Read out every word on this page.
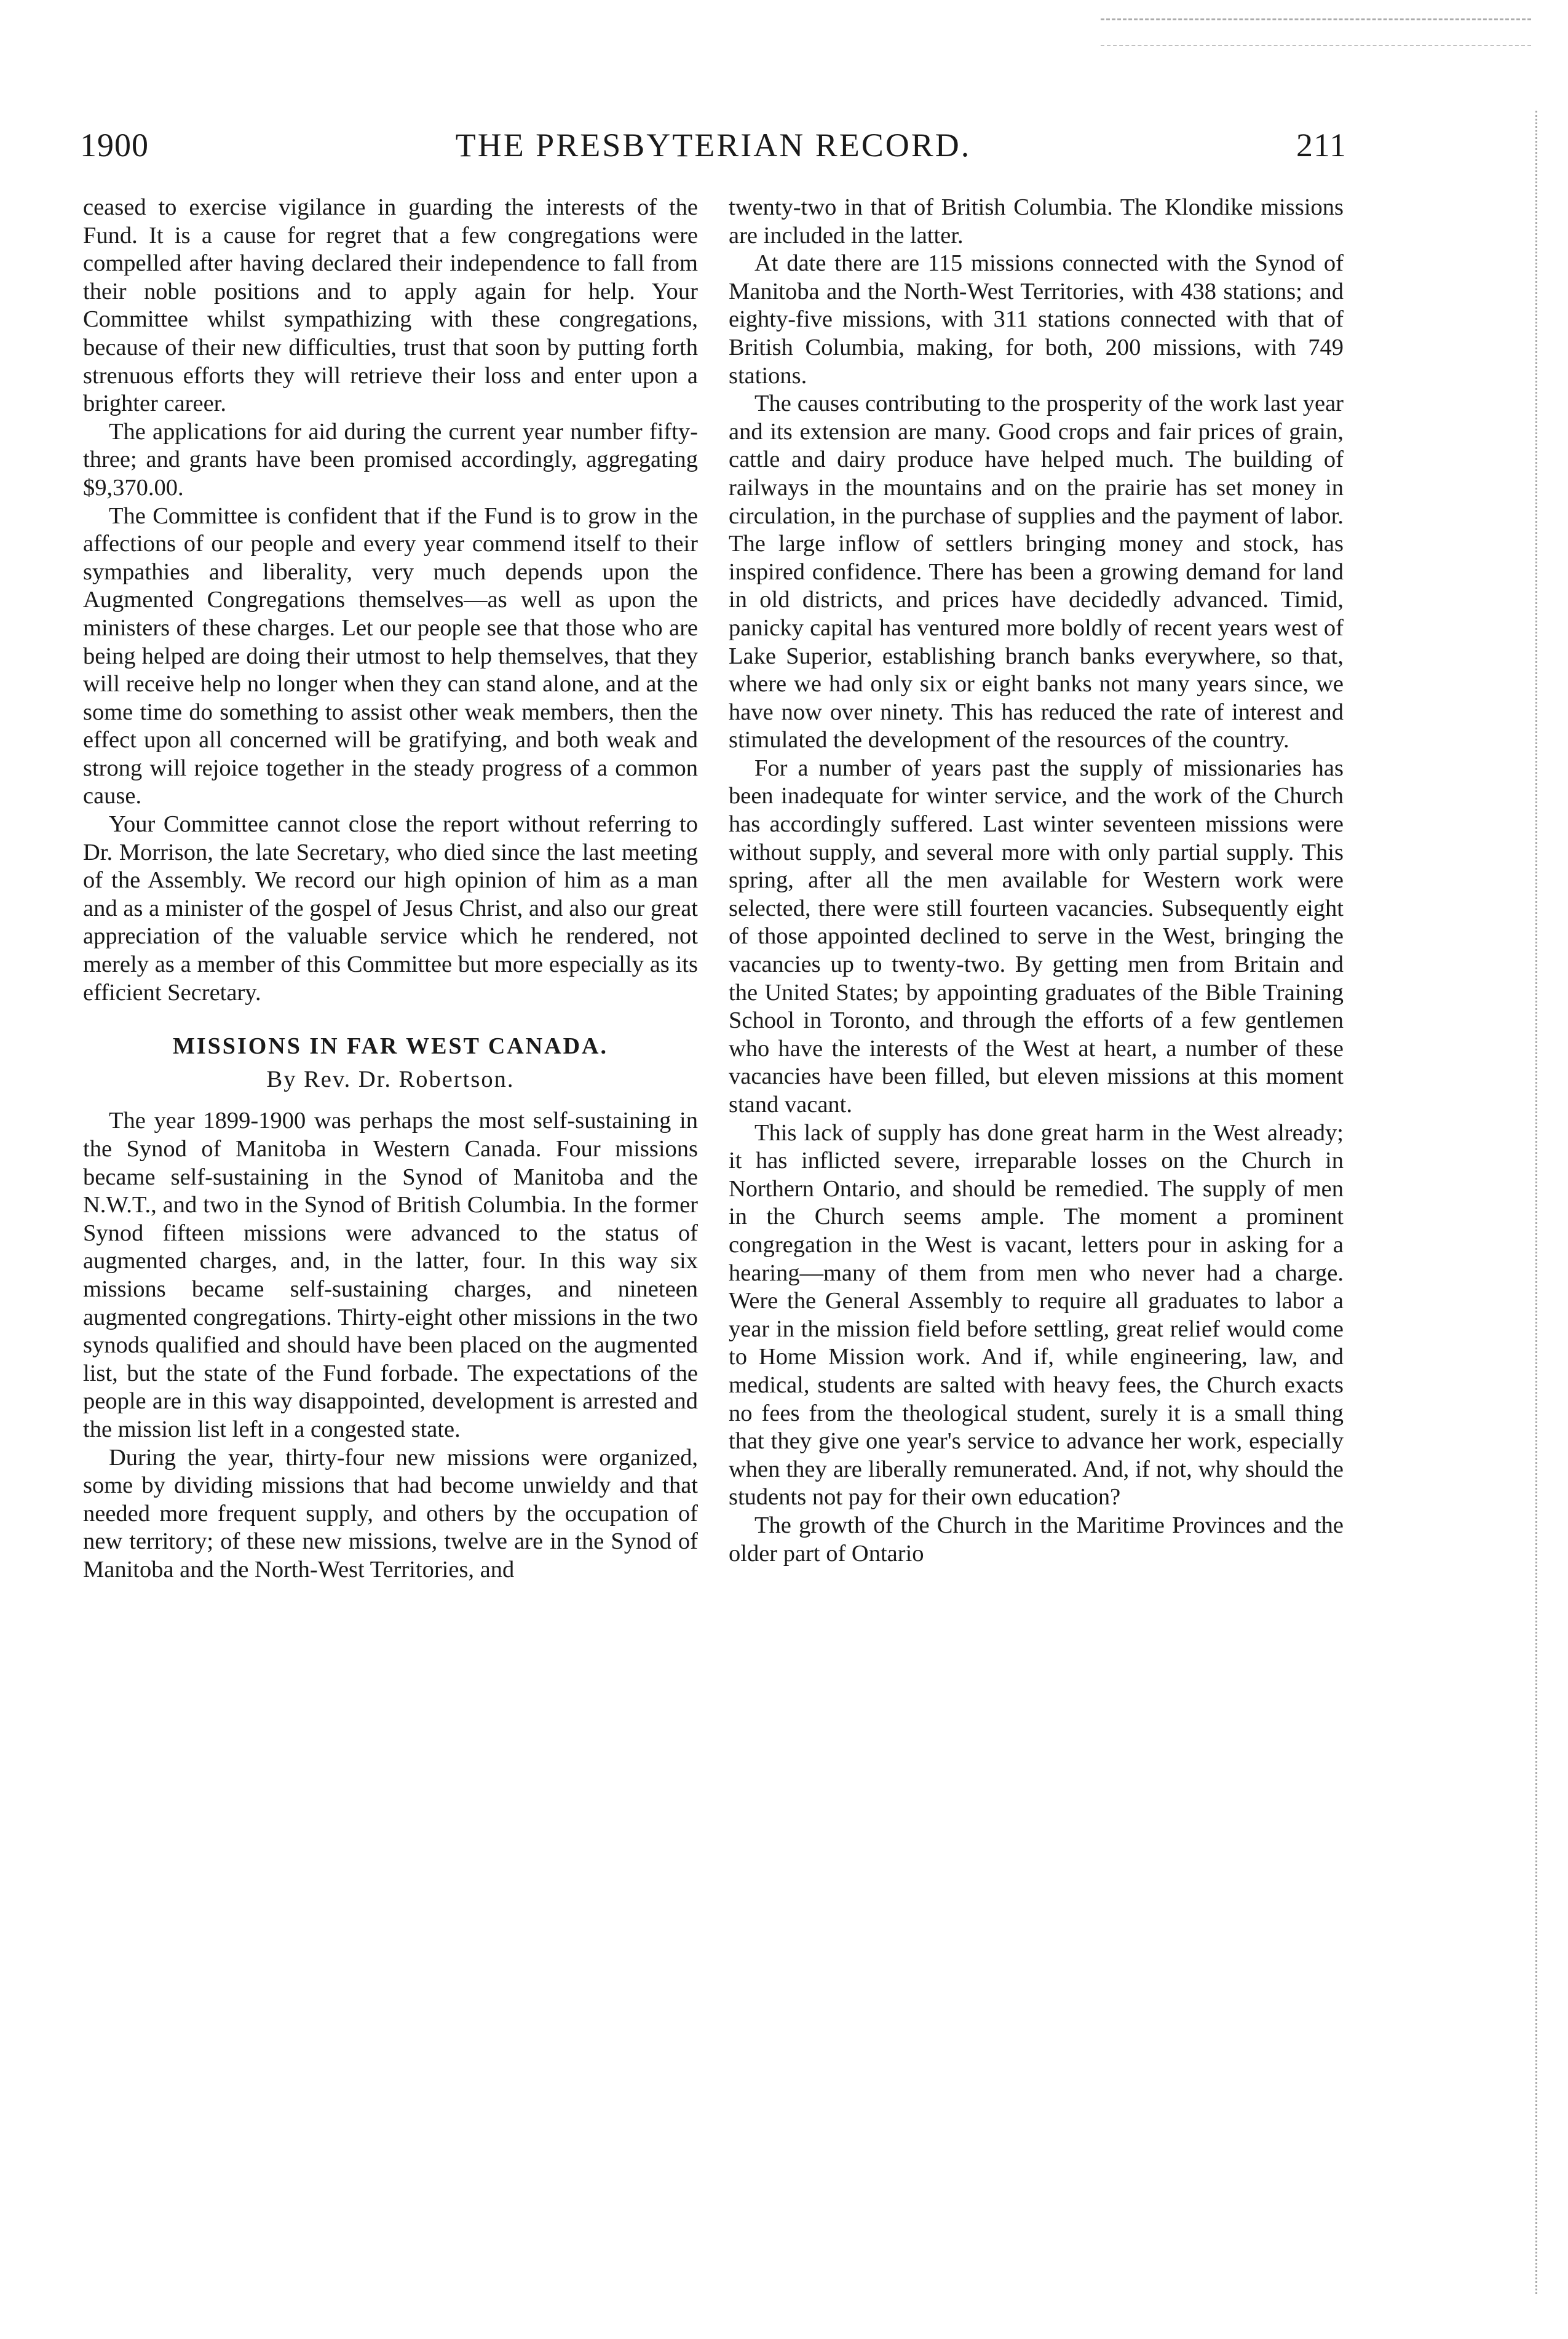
1900	THE PRESBYTERIAN RECORD.	211

ceased to exercise vigilance in guarding the interests of the Fund. It is a cause for regret that a few congregations were compelled after having declared their independence to fall from their noble positions and to apply again for help. Your Committee whilst sympathizing with these congregations, because of their new difficulties, trust that soon by putting forth strenuous efforts they will retrieve their loss and enter upon a brighter career.

The applications for aid during the current year number fifty-three; and grants have been promised accordingly, aggregating $9,370.00.

The Committee is confident that if the Fund is to grow in the affections of our people and every year commend itself to their sympathies and liberality, very much depends upon the Augmented Congregations themselves—as well as upon the ministers of these charges. Let our people see that those who are being helped are doing their utmost to help themselves, that they will receive help no longer when they can stand alone, and at the some time do something to assist other weak members, then the effect upon all concerned will be gratifying, and both weak and strong will rejoice together in the steady progress of a common cause.

Your Committee cannot close the report without referring to Dr. Morrison, the late Secretary, who died since the last meeting of the Assembly. We record our high opinion of him as a man and as a minister of the gospel of Jesus Christ, and also our great appreciation of the valuable service which he rendered, not merely as a member of this Committee but more especially as its efficient Secretary.

MISSIONS IN FAR WEST CANADA.
By Rev. Dr. Robertson.

The year 1899-1900 was perhaps the most self-sustaining in the Synod of Manitoba in Western Canada. Four missions became self-sustaining in the Synod of Manitoba and the N.W.T., and two in the Synod of British Columbia. In the former Synod fifteen missions were advanced to the status of augmented charges, and, in the latter, four. In this way six missions became self-sustaining charges, and nineteen augmented congregations. Thirty-eight other missions in the two synods qualified and should have been placed on the augmented list, but the state of the Fund forbade. The expectations of the people are in this way disappointed, development is arrested and the mission list left in a congested state.

During the year, thirty-four new missions were organized, some by dividing missions that had become unwieldy and that needed more frequent supply, and others by the occupation of new territory; of these new missions, twelve are in the Synod of Manitoba and the North-West Territories, and

twenty-two in that of British Columbia. The Klondike missions are included in the latter.

At date there are 115 missions connected with the Synod of Manitoba and the North-West Territories, with 438 stations; and eighty-five missions, with 311 stations connected with that of British Columbia, making, for both, 200 missions, with 749 stations.

The causes contributing to the prosperity of the work last year and its extension are many. Good crops and fair prices of grain, cattle and dairy produce have helped much. The building of railways in the mountains and on the prairie has set money in circulation, in the purchase of supplies and the payment of labor. The large inflow of settlers bringing money and stock, has inspired confidence. There has been a growing demand for land in old districts, and prices have decidedly advanced. Timid, panicky capital has ventured more boldly of recent years west of Lake Superior, establishing branch banks everywhere, so that, where we had only six or eight banks not many years since, we have now over ninety. This has reduced the rate of interest and stimulated the development of the resources of the country.

For a number of years past the supply of missionaries has been inadequate for winter service, and the work of the Church has accordingly suffered. Last winter seventeen missions were without supply, and several more with only partial supply. This spring, after all the men available for Western work were selected, there were still fourteen vacancies. Subsequently eight of those appointed declined to serve in the West, bringing the vacancies up to twenty-two. By getting men from Britain and the United States; by appointing graduates of the Bible Training School in Toronto, and through the efforts of a few gentlemen who have the interests of the West at heart, a number of these vacancies have been filled, but eleven missions at this moment stand vacant.

This lack of supply has done great harm in the West already; it has inflicted severe, irreparable losses on the Church in Northern Ontario, and should be remedied. The supply of men in the Church seems ample. The moment a prominent congregation in the West is vacant, letters pour in asking for a hearing—many of them from men who never had a charge. Were the General Assembly to require all graduates to labor a year in the mission field before settling, great relief would come to Home Mission work. And if, while engineering, law, and medical, students are salted with heavy fees, the Church exacts no fees from the theological student, surely it is a small thing that they give one year's service to advance her work, especially when they are liberally remunerated. And, if not, why should the students not pay for their own education?

The growth of the Church in the Maritime Provinces and the older part of Ontario
